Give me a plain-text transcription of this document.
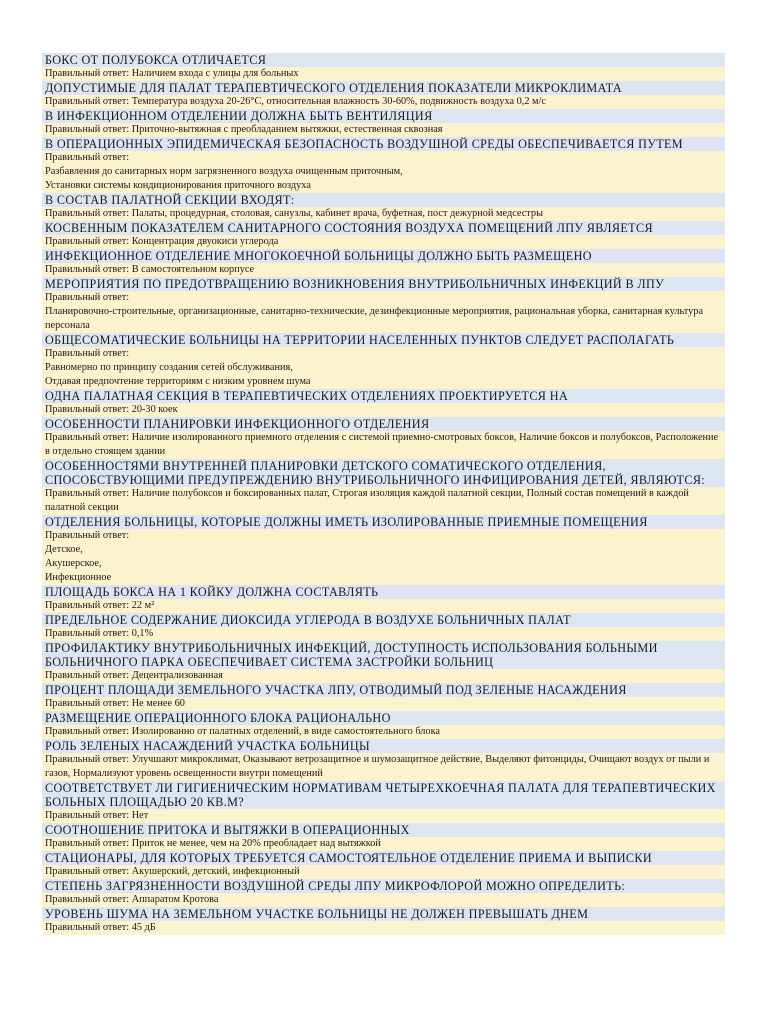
БОКС ОТ ПОЛУБОКСА ОТЛИЧАЕТСЯ
Правильный ответ: Наличием входа с улицы для больных
ДОПУСТИМЫЕ ДЛЯ ПАЛАТ ТЕРАПЕВТИЧЕСКОГО ОТДЕЛЕНИЯ ПОКАЗАТЕЛИ МИКРОКЛИМАТА
Правильный ответ: Температура воздуха 20-26°С, относительная влажность 30-60%, подвижность воздуха 0,2 м/с
В ИНФЕКЦИОННОМ ОТДЕЛЕНИИ ДОЛЖНА БЫТЬ ВЕНТИЛЯЦИЯ
Правильный ответ: Приточно-вытяжная с преобладанием вытяжки, естественная сквозная
В ОПЕРАЦИОННЫХ ЭПИДЕМИЧЕСКАЯ БЕЗОПАСНОСТЬ ВОЗДУШНОЙ СРЕДЫ ОБЕСПЕЧИВАЕТСЯ ПУТЕМ
Правильный ответ:
Разбавления до санитарных норм загрязненного воздуха очищенным приточным,
Установки системы кондиционирования приточного воздуха
В СОСТАВ ПАЛАТНОЙ СЕКЦИИ ВХОДЯТ:
Правильный ответ: Палаты, процедурная, столовая, санузлы, кабинет врача, буфетная, пост дежурной медсестры
КОСВЕННЫМ ПОКАЗАТЕЛЕМ САНИТАРНОГО СОСТОЯНИЯ ВОЗДУХА ПОМЕЩЕНИЙ ЛПУ ЯВЛЯЕТСЯ
Правильный ответ: Концентрация двуокиси углерода
ИНФЕКЦИОННОЕ ОТДЕЛЕНИЕ МНОГОКОЕЧНОЙ БОЛЬНИЦЫ ДОЛЖНО БЫТЬ РАЗМЕЩЕНО
Правильный ответ: В самостоятельном корпусе
МЕРОПРИЯТИЯ ПО ПРЕДОТВРАЩЕНИЮ ВОЗНИКНОВЕНИЯ ВНУТРИБОЛЬНИЧНЫХ ИНФЕКЦИЙ В ЛПУ
Правильный ответ:
Планировочно-строительные, организационные, санитарно-технические, дезинфекционные мероприятия, рациональная уборка, санитарная культура персонала
ОБЩЕСОМАТИЧЕСКИЕ БОЛЬНИЦЫ НА ТЕРРИТОРИИ НАСЕЛЕННЫХ ПУНКТОВ СЛЕДУЕТ РАСПОЛАГАТЬ
Правильный ответ:
Равномерно по принципу создания сетей обслуживания,
Отдавая предпочтение территориям с низким уровнем шума
ОДНА ПАЛАТНАЯ СЕКЦИЯ В ТЕРАПЕВТИЧЕСКИХ ОТДЕЛЕНИЯХ ПРОЕКТИРУЕТСЯ НА
Правильный ответ: 20-30 коек
ОСОБЕННОСТИ ПЛАНИРОВКИ ИНФЕКЦИОННОГО ОТДЕЛЕНИЯ
Правильный ответ: Наличие изолированного приемного отделения с системой приемно-смотровых боксов, Наличие боксов и полубоксов, Расположение в отдельно стоящем здании
ОСОБЕННОСТЯМИ ВНУТРЕННЕЙ ПЛАНИРОВКИ ДЕТСКОГО СОМАТИЧЕСКОГО ОТДЕЛЕНИЯ, СПОСОБСТВУЮЩИМИ ПРЕДУПРЕЖДЕНИЮ ВНУТРИБОЛЬНИЧНОГО ИНФИЦИРОВАНИЯ ДЕТЕЙ, ЯВЛЯЮТСЯ:
Правильный ответ: Наличие полубоксов и боксированных палат, Строгая изоляция каждой палатной секции, Полный состав помещений в каждой палатной секции
ОТДЕЛЕНИЯ БОЛЬНИЦЫ, КОТОРЫЕ ДОЛЖНЫ ИМЕТЬ ИЗОЛИРОВАННЫЕ ПРИЕМНЫЕ ПОМЕЩЕНИЯ
Правильный ответ:
Детское,
Акушерское,
Инфекционное
ПЛОЩАДЬ БОКСА НА 1 КОЙКУ ДОЛЖНА СОСТАВЛЯТЬ
Правильный ответ: 22 м²
ПРЕДЕЛЬНОЕ СОДЕРЖАНИЕ ДИОКСИДА УГЛЕРОДА В ВОЗДУХЕ БОЛЬНИЧНЫХ ПАЛАТ
Правильный ответ: 0,1%
ПРОФИЛАКТИКУ ВНУТРИБОЛЬНИЧНЫХ ИНФЕКЦИЙ, ДОСТУПНОСТЬ ИСПОЛЬЗОВАНИЯ БОЛЬНЫМИ БОЛЬНИЧНОГО ПАРКА ОБЕСПЕЧИВАЕТ СИСТЕМА ЗАСТРОЙКИ БОЛЬНИЦ
Правильный ответ: Децентрализованная
ПРОЦЕНТ ПЛОЩАДИ ЗЕМЕЛЬНОГО УЧАСТКА ЛПУ, ОТВОДИМЫЙ ПОД ЗЕЛЕНЫЕ НАСАЖДЕНИЯ
Правильный ответ: Не менее 60
РАЗМЕЩЕНИЕ ОПЕРАЦИОННОГО БЛОКА РАЦИОНАЛЬНО
Правильный ответ: Изолированно от палатных отделений, в виде самостоятельного блока
РОЛЬ ЗЕЛЕНЫХ НАСАЖДЕНИЙ УЧАСТКА БОЛЬНИЦЫ
Правильный ответ: Улучшают микроклимат, Оказывают ветрозащитное и шумозащитное действие, Выделяют фитонциды, Очищают воздух от пыли и газов, Нормализуют уровень освещенности внутри помещений
СООТВЕТСТВУЕТ ЛИ ГИГИЕНИЧЕСКИМ НОРМАТИВАМ ЧЕТЫРЕХКОЕЧНАЯ ПАЛАТА ДЛЯ ТЕРАПЕВТИЧЕСКИХ БОЛЬНЫХ ПЛОЩАДЬЮ 20 КВ.М?
Правильный ответ: Нет
СООТНОШЕНИЕ ПРИТОКА И ВЫТЯЖКИ В ОПЕРАЦИОННЫХ
Правильный ответ: Приток не менее, чем на 20% преобладает над вытяжкой
СТАЦИОНАРЫ, ДЛЯ КОТОРЫХ ТРЕБУЕТСЯ САМОСТОЯТЕЛЬНОЕ ОТДЕЛЕНИЕ ПРИЕМА И ВЫПИСКИ
Правильный ответ: Акушерский, детский, инфекционный
СТЕПЕНЬ ЗАГРЯЗНЕННОСТИ ВОЗДУШНОЙ СРЕДЫ ЛПУ МИКРОФЛОРОЙ МОЖНО ОПРЕДЕЛИТЬ:
Правильный ответ: Аппаратом Кротова
УРОВЕНЬ ШУМА НА ЗЕМЕЛЬНОМ УЧАСТКЕ БОЛЬНИЦЫ НЕ ДОЛЖЕН ПРЕВЫШАТЬ ДНЕМ
Правильный ответ: 45 дБ
